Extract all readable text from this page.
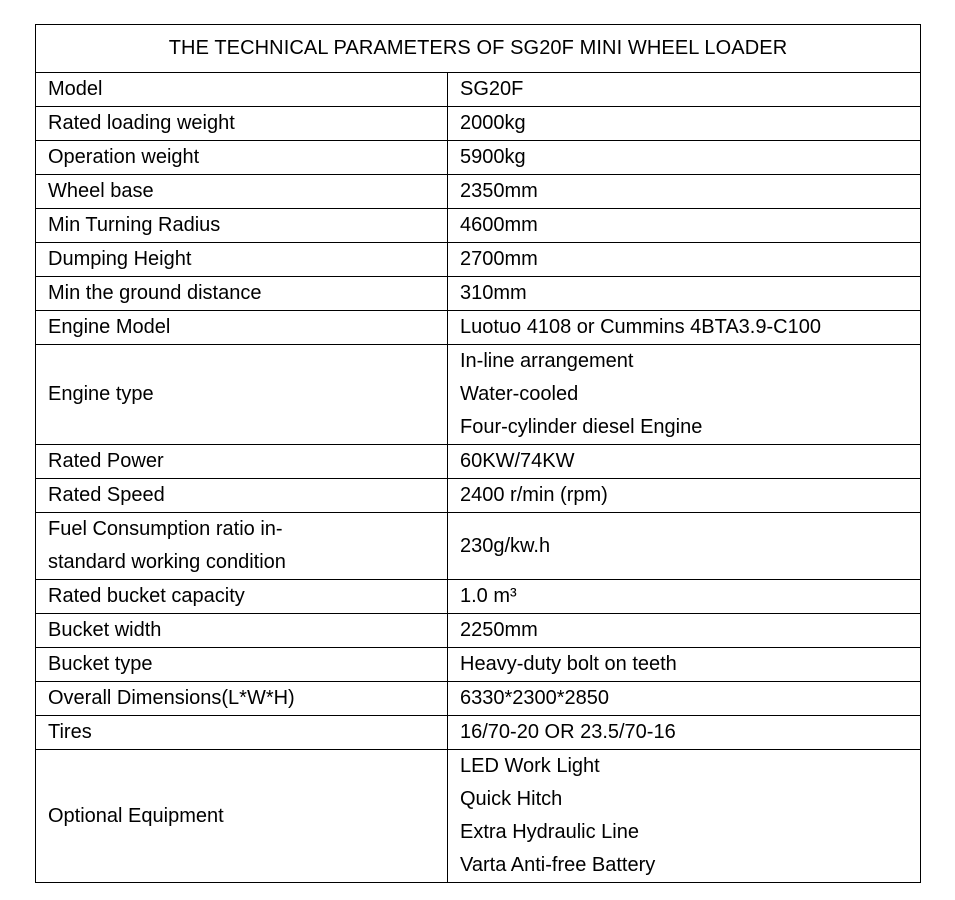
THE TECHNICAL PARAMETERS OF SG20F MINI WHEEL LOADER	
Model	SG20F
Rated loading weight	2000kg
Operation weight	5900kg
Wheel base	2350mm
Min Turning Radius	4600mm
Dumping Height	2700mm
Min the ground distance	310mm
Engine Model	Luotuo 4108 or Cummins 4BTA3.9-C100
Engine type	In-line arrangement
Water-cooled
Four-cylinder diesel Engine

Rated Power	60KW/74KW
Rated Speed	2400 r/min (rpm)

Fuel Consumption ratio in-
standard working condition	230g/kw.h
Rated bucket capacity	1.0 m³
Bucket width	2250mm
Bucket type	Heavy-duty bolt on teeth
Overall Dimensions(L*W*H)	6330*2300*2850
Tires	16/70-20 OR 23.5/70-16
Optional Equipment	LED Work Light
Quick Hitch
Extra Hydraulic Line
Varta Anti-free Battery
